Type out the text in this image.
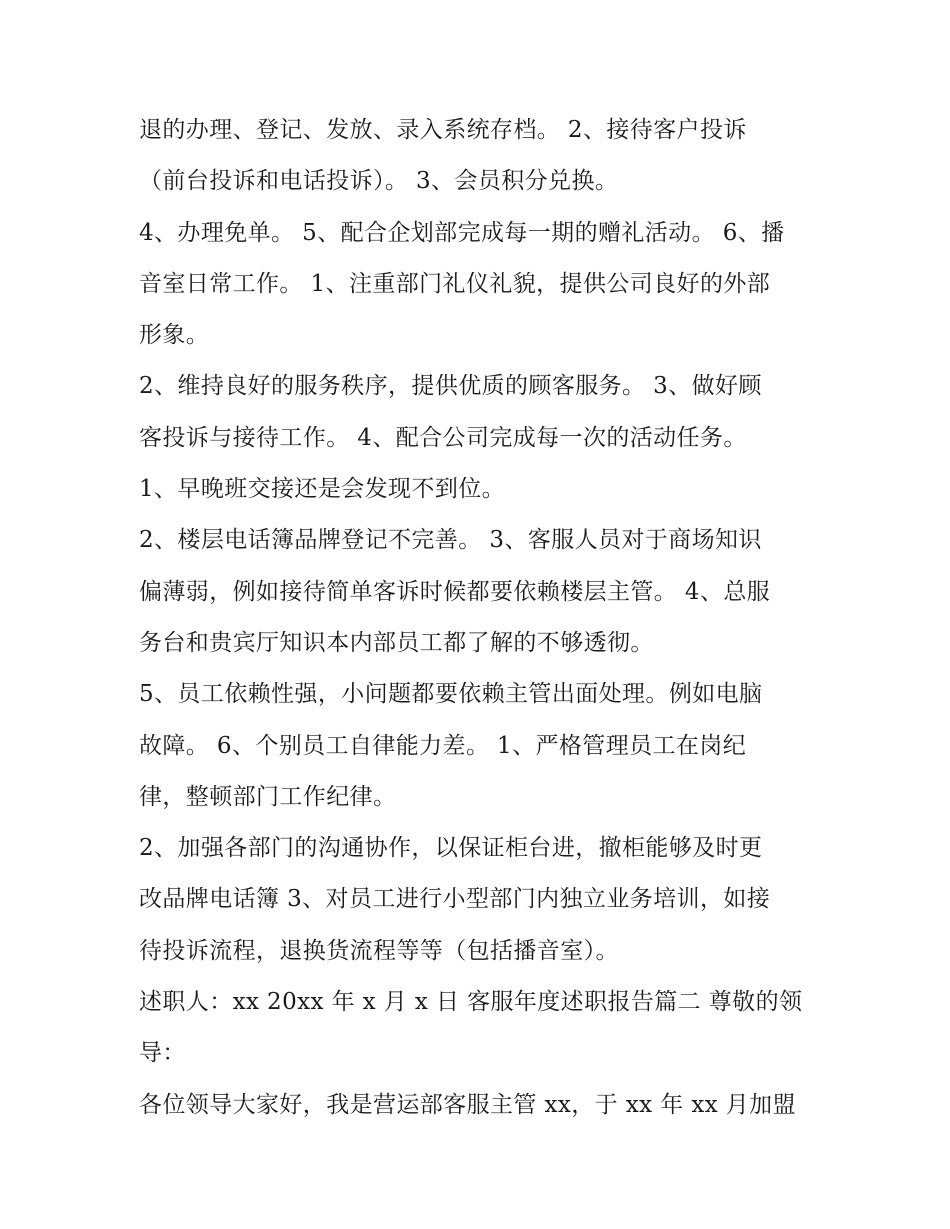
退的办理、登记、发放、录入系统存档。 2、接待客户投诉
（前台投诉和电话投诉）。 3、会员积分兑换。
4、办理免单。 5、配合企划部完成每一期的赠礼活动。 6、播
音室日常工作。 1、注重部门礼仪礼貌，提供公司良好的外部
形象。
2、维持良好的服务秩序，提供优质的顾客服务。 3、做好顾
客投诉与接待工作。 4、配合公司完成每一次的活动任务。
1、早晚班交接还是会发现不到位。
2、楼层电话簿品牌登记不完善。 3、客服人员对于商场知识
偏薄弱，例如接待简单客诉时候都要依赖楼层主管。 4、总服
务台和贵宾厅知识本内部员工都了解的不够透彻。
5、员工依赖性强，小问题都要依赖主管出面处理。例如电脑
故障。 6、个别员工自律能力差。 1、严格管理员工在岗纪
律，整顿部门工作纪律。
2、加强各部门的沟通协作，以保证柜台进，撤柜能够及时更
改品牌电话簿 3、对员工进行小型部门内独立业务培训，如接
待投诉流程，退换货流程等等（包括播音室）。
述职人：xx 20xx 年 x 月 x 日 客服年度述职报告篇二 尊敬的领
导：
各位领导大家好，我是营运部客服主管 xx，于 xx 年 xx 月加盟
